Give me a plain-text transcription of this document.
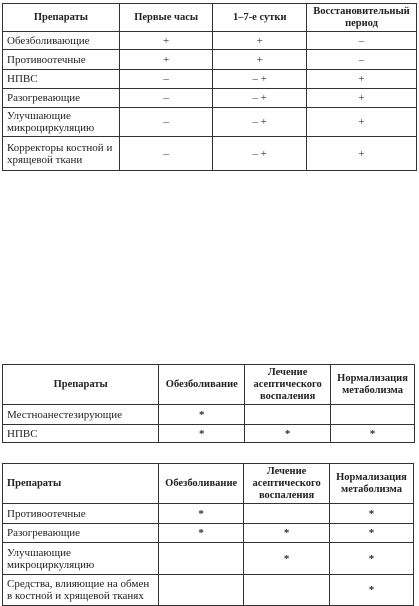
Препараты	Первые часы	1–7-е сутки	Восстановительный период
Обезболивающие	+	+	–
Противоотечные	+	+	–
НПВС	–	– +	+
Разогревающие	–	– +	+
Улучшающие микроциркуляцию	–	– +	+
Корректоры костной и хрящевой ткани	–	– +	+
Препараты	Обезболивание	Лечение асептического воспаления	Нормализация метаболизма
Местноанестезирующие	*		
НПВС	*	*	*
Препараты	Обезболивание	Лечение асептического воспаления	Нормализация метаболизма
Противоотечные	*		*
Разогревающие	*	*	*
Улучшающие микроциркуляцию		*	*
Средства, влияющие на обмен в костной и хрящевой тканях			*
